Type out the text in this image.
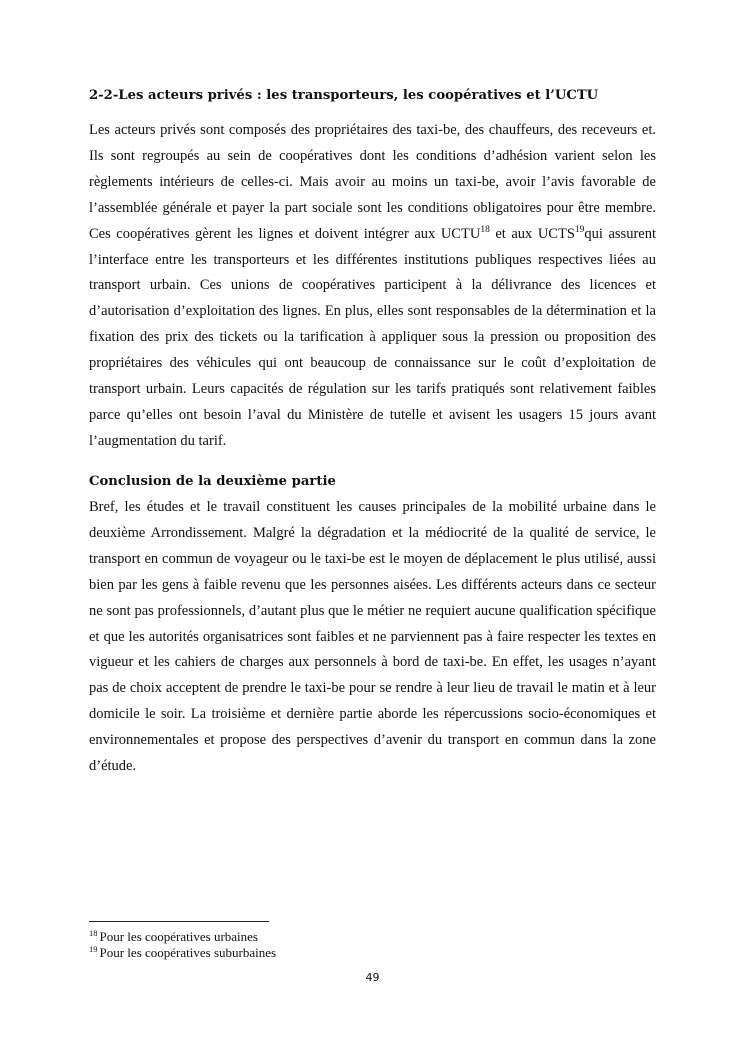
2-2-Les acteurs privés : les transporteurs, les coopératives et l’UCTU

Les acteurs privés sont composés des propriétaires des taxi-be, des chauffeurs, des receveurs et. Ils sont regroupés au sein de coopératives dont les conditions d’adhésion varient selon les règlements intérieurs de celles-ci. Mais avoir au moins un taxi-be, avoir l’avis favorable de l’assemblée générale et payer la part sociale sont les conditions obligatoires pour être membre. Ces coopératives gèrent les lignes et doivent intégrer aux UCTU$^{18}$ et aux UCTS$^{19}$qui assurent l’interface entre les transporteurs et les différentes institutions publiques respectives liées au transport urbain. Ces unions de coopératives participent à la délivrance des licences et d’autorisation d’exploitation des lignes. En plus, elles sont responsables de la détermination et la fixation des prix des tickets ou la tarification à appliquer sous la pression ou proposition des propriétaires des véhicules qui ont beaucoup de connaissance sur le coût d’exploitation de transport urbain. Leurs capacités de régulation sur les tarifs pratiqués sont relativement faibles parce qu’elles ont besoin l’aval du Ministère de tutelle et avisent les usagers 15 jours avant l’augmentation du tarif.

Conclusion de la deuxième partie

Bref, les études et le travail constituent les causes principales de la mobilité urbaine dans le deuxième Arrondissement. Malgré la dégradation et la médiocrité de la qualité de service, le transport en commun de voyageur ou le taxi-be est le moyen de déplacement le plus utilisé, aussi bien par les gens à faible revenu que les personnes aisées. Les différents acteurs dans ce secteur ne sont pas professionnels, d’autant plus que le métier ne requiert aucune qualification spécifique et que les autorités organisatrices sont faibles et ne parviennent pas à faire respecter les textes en vigueur et les cahiers de charges aux personnels à bord de taxi-be. En effet, les usages n’ayant pas de choix acceptent de prendre le taxi-be pour se rendre à leur lieu de travail le matin et à leur domicile le soir. La troisième et dernière partie aborde les répercussions socio-économiques et environnementales et propose des perspectives d’avenir du transport en commun dans la zone d’étude.

$^{18}$ Pour les coopératives urbaines

$^{19}$ Pour les coopératives suburbaines

49
